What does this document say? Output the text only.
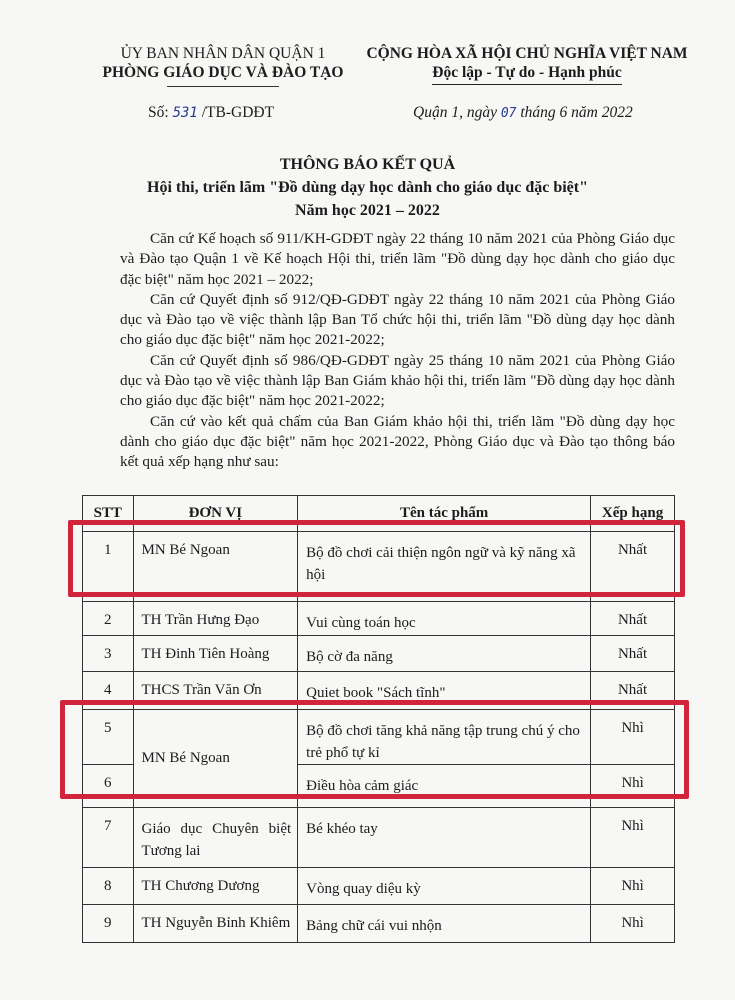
ỦY BAN NHÂN DÂN QUẬN 1
PHÒNG GIÁO DỤC VÀ ĐÀO TẠO
CỘNG HÒA XÃ HỘI CHỦ NGHĨA VIỆT NAM
Độc lập - Tự do - Hạnh phúc
Số: 531 /TB-GDĐT	Quận 1, ngày 07 tháng 6 năm 2022
THÔNG BÁO KẾT QUẢ
Hội thi, triển lãm "Đồ dùng dạy học dành cho giáo dục đặc biệt"
Năm học 2021 – 2022

Căn cứ Kế hoạch số 911/KH-GDĐT ngày 22 tháng 10 năm 2021 của Phòng Giáo dục và Đào tạo Quận 1 về Kế hoạch Hội thi, triển lãm "Đồ dùng dạy học dành cho giáo dục đặc biệt" năm học 2021 – 2022;

Căn cứ Quyết định số 912/QĐ-GDĐT ngày 22 tháng 10 năm 2021 của Phòng Giáo dục và Đào tạo về việc thành lập Ban Tổ chức hội thi, triển lãm "Đồ dùng dạy học dành cho giáo dục đặc biệt" năm học 2021-2022;

Căn cứ Quyết định số 986/QĐ-GDĐT ngày 25 tháng 10 năm 2021 của Phòng Giáo dục và Đào tạo về việc thành lập Ban Giám khảo hội thi, triển lãm "Đồ dùng dạy học dành cho giáo dục đặc biệt" năm học 2021-2022;

Căn cứ vào kết quả chấm của Ban Giám khảo hội thi, triển lãm "Đồ dùng dạy học dành cho giáo dục đặc biệt" năm học 2021-2022, Phòng Giáo dục và Đào tạo thông báo kết quả xếp hạng như sau:

STT	ĐƠN VỊ	Tên tác phẩm	Xếp hạng
1	MN Bé Ngoan	Bộ đồ chơi cải thiện ngôn ngữ và kỹ năng xã hội	Nhất
2	TH Trần Hưng Đạo	Vui cùng toán học	Nhất
3	TH Đinh Tiên Hoàng	Bộ cờ đa năng	Nhất
4	THCS Trần Văn Ơn	Quiet book "Sách tĩnh"	Nhất
5	MN Bé Ngoan	Bộ đồ chơi tăng khả năng tập trung chú ý cho trẻ phổ tự kỉ	Nhì
6		Điều hòa cảm giác	Nhì
7	Giáo dục Chuyên biệt Tương lai	Bé khéo tay	Nhì
8	TH Chương Dương	Vòng quay diệu kỳ	Nhì
9	TH Nguyễn Bỉnh Khiêm	Bảng chữ cái vui nhộn	Nhì
